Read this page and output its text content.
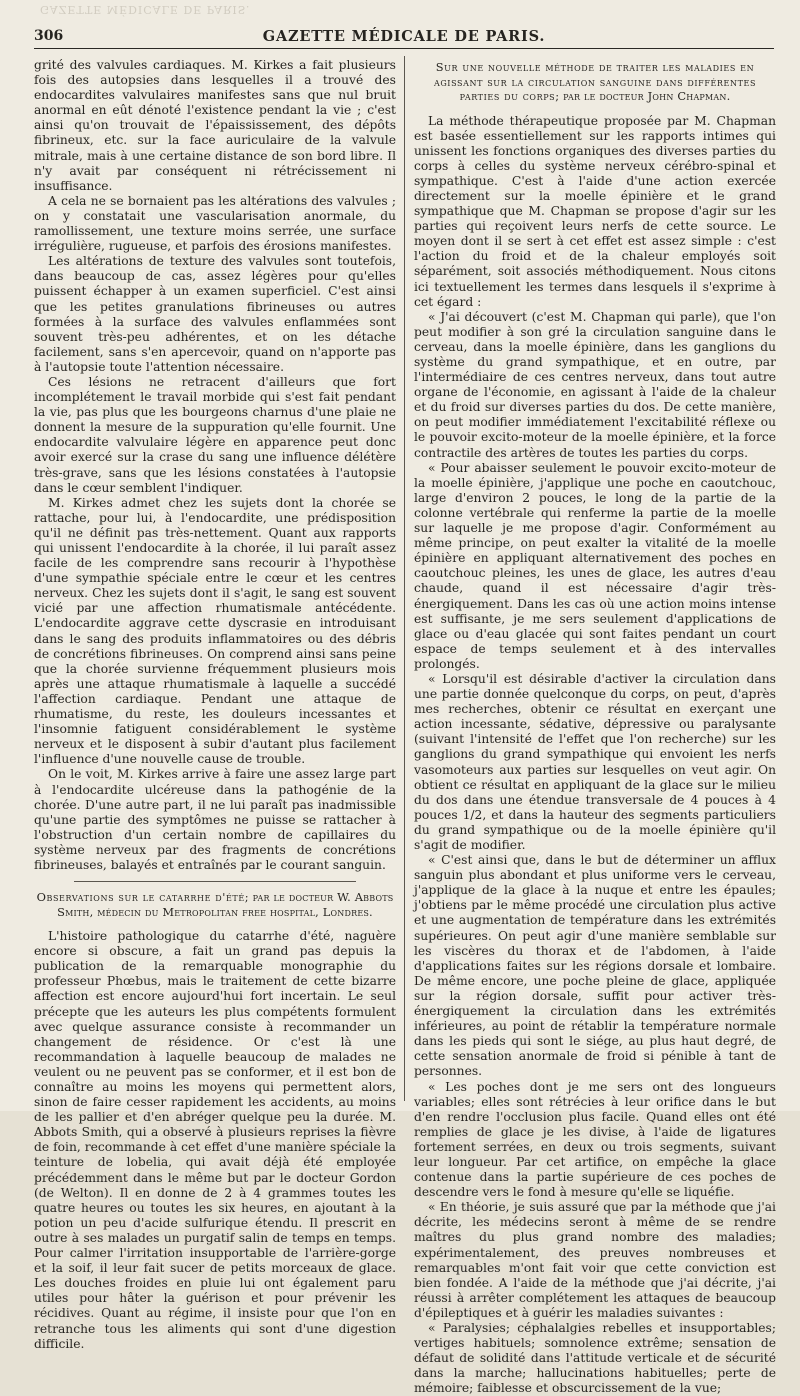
GAZETTE MÉDICALE DE PARIS.
306	GAZETTE MÉDICALE DE PARIS.

grité des valvules cardiaques. M. Kirkes a fait plusieurs fois des autopsies dans lesquelles il a trouvé des endocardites valvulaires manifestes sans que nul bruit anormal en eût dénoté l'existence pendant la vie ; c'est ainsi qu'on trouvait de l'épaississement, des dépôts fibrineux, etc. sur la face auriculaire de la valvule mitrale, mais à une certaine distance de son bord libre. Il n'y avait par conséquent ni rétrécissement ni insuffisance.

A cela ne se bornaient pas les altérations des valvules ; on y constatait une vascularisation anormale, du ramollissement, une texture moins serrée, une surface irrégulière, rugueuse, et parfois des érosions manifestes.

Les altérations de texture des valvules sont toutefois, dans beaucoup de cas, assez légères pour qu'elles puissent échapper à un examen superficiel. C'est ainsi que les petites granulations fibrineuses ou autres formées à la surface des valvules enflammées sont souvent très-peu adhérentes, et on les détache facilement, sans s'en apercevoir, quand on n'apporte pas à l'autopsie toute l'attention nécessaire.

Ces lésions ne retracent d'ailleurs que fort incomplétement le travail morbide qui s'est fait pendant la vie, pas plus que les bourgeons charnus d'une plaie ne donnent la mesure de la suppuration qu'elle fournit. Une endocardite valvulaire légère en apparence peut donc avoir exercé sur la crase du sang une influence délétère très-grave, sans que les lésions constatées à l'autopsie dans le cœur semblent l'indiquer.

M. Kirkes admet chez les sujets dont la chorée se rattache, pour lui, à l'endocardite, une prédisposition qu'il ne définit pas très-nettement. Quant aux rapports qui unissent l'endocardite à la chorée, il lui paraît assez facile de les comprendre sans recourir à l'hypothèse d'une sympathie spéciale entre le cœur et les centres nerveux. Chez les sujets dont il s'agit, le sang est souvent vicié par une affection rhumatismale antécédente. L'endocardite aggrave cette dyscrasie en introduisant dans le sang des produits inflammatoires ou des débris de concrétions fibrineuses. On comprend ainsi sans peine que la chorée survienne fréquemment plusieurs mois après une attaque rhumatismale à laquelle a succédé l'affection cardiaque. Pendant une attaque de rhumatisme, du reste, les douleurs incessantes et l'insomnie fatiguent considérablement le système nerveux et le disposent à subir d'autant plus facilement l'influence d'une nouvelle cause de trouble.

On le voit, M. Kirkes arrive à faire une assez large part à l'endocardite ulcéreuse dans la pathogénie de la chorée. D'une autre part, il ne lui paraît pas inadmissible qu'une partie des symptômes ne puisse se rattacher à l'obstruction d'un certain nombre de capillaires du système nerveux par des fragments de concrétions fibrineuses, balayés et entraînés par le courant sanguin.

Observations sur le catarrhe d'été; par le docteur W. Abbots Smith, médecin du Metropolitan free hospital, Londres.

L'histoire pathologique du catarrhe d'été, naguère encore si obscure, a fait un grand pas depuis la publication de la remarquable monographie du professeur Phœbus, mais le traitement de cette bizarre affection est encore aujourd'hui fort incertain. Le seul précepte que les auteurs les plus compétents formulent avec quelque assurance consiste à recommander un changement de résidence. Or c'est là une recommandation à laquelle beaucoup de malades ne veulent ou ne peuvent pas se conformer, et il est bon de connaître au moins les moyens qui permettent alors, sinon de faire cesser rapidement les accidents, au moins de les pallier et d'en abréger quelque peu la durée. M. Abbots Smith, qui a observé à plusieurs reprises la fièvre de foin, recommande à cet effet d'une manière spéciale la teinture de lobelia, qui avait déjà été employée précédemment dans le même but par le docteur Gordon (de Welton). Il en donne de 2 à 4 grammes toutes les quatre heures ou toutes les six heures, en ajoutant à la potion un peu d'acide sulfurique étendu. Il prescrit en outre à ses malades un purgatif salin de temps en temps. Pour calmer l'irritation insupportable de l'arrière-gorge et la soif, il leur fait sucer de petits morceaux de glace. Les douches froides en pluie lui ont également paru utiles pour hâter la guérison et pour prévenir les récidives. Quant au régime, il insiste pour que l'on en retranche tous les aliments qui sont d'une digestion difficile.

Sur une nouvelle méthode de traiter les maladies en agissant sur la circulation sanguine dans différentes parties du corps; par le docteur John Chapman.

La méthode thérapeutique proposée par M. Chapman est basée essentiellement sur les rapports intimes qui unissent les fonctions organiques des diverses parties du corps à celles du système nerveux cérébro-spinal et sympathique. C'est à l'aide d'une action exercée directement sur la moelle épinière et le grand sympathique que M. Chapman se propose d'agir sur les parties qui reçoivent leurs nerfs de cette source. Le moyen dont il se sert à cet effet est assez simple : c'est l'action du froid et de la chaleur employés soit séparément, soit associés méthodiquement. Nous citons ici textuellement les termes dans lesquels il s'exprime à cet égard :

« J'ai découvert (c'est M. Chapman qui parle), que l'on peut modifier à son gré la circulation sanguine dans le cerveau, dans la moelle épinière, dans les ganglions du système du grand sympathique, et en outre, par l'intermédiaire de ces centres nerveux, dans tout autre organe de l'économie, en agissant à l'aide de la chaleur et du froid sur diverses parties du dos. De cette manière, on peut modifier immédiatement l'excitabilité réflexe ou le pouvoir excito-moteur de la moelle épinière, et la force contractile des artères de toutes les parties du corps.

« Pour abaisser seulement le pouvoir excito-moteur de la moelle épinière, j'applique une poche en caoutchouc, large d'environ 2 pouces, le long de la partie de la colonne vertébrale qui renferme la partie de la moelle sur laquelle je me propose d'agir. Conformément au même principe, on peut exalter la vitalité de la moelle épinière en appliquant alternativement des poches en caoutchouc pleines, les unes de glace, les autres d'eau chaude, quand il est nécessaire d'agir très-énergiquement. Dans les cas où une action moins intense est suffisante, je me sers seulement d'applications de glace ou d'eau glacée qui sont faites pendant un court espace de temps seulement et à des intervalles prolongés.

« Lorsqu'il est désirable d'activer la circulation dans une partie donnée quelconque du corps, on peut, d'après mes recherches, obtenir ce résultat en exerçant une action incessante, sédative, dépressive ou paralysante (suivant l'intensité de l'effet que l'on recherche) sur les ganglions du grand sympathique qui envoient les nerfs vasomoteurs aux parties sur lesquelles on veut agir. On obtient ce résultat en appliquant de la glace sur le milieu du dos dans une étendue transversale de 4 pouces à 4 pouces 1/2, et dans la hauteur des segments particuliers du grand sympathique ou de la moelle épinière qu'il s'agit de modifier.

« C'est ainsi que, dans le but de déterminer un afflux sanguin plus abondant et plus uniforme vers le cerveau, j'applique de la glace à la nuque et entre les épaules; j'obtiens par le même procédé une circulation plus active et une augmentation de température dans les extrémités supérieures. On peut agir d'une manière semblable sur les viscères du thorax et de l'abdomen, à l'aide d'applications faites sur les régions dorsale et lombaire. De même encore, une poche pleine de glace, appliquée sur la région dorsale, suffit pour activer très-énergiquement la circulation dans les extrémités inférieures, au point de rétablir la température normale dans les pieds qui sont le siége, au plus haut degré, de cette sensation anormale de froid si pénible à tant de personnes.

« Les poches dont je me sers ont des longueurs variables; elles sont rétrécies à leur orifice dans le but d'en rendre l'occlusion plus facile. Quand elles ont été remplies de glace je les divise, à l'aide de ligatures fortement serrées, en deux ou trois segments, suivant leur longueur. Par cet artifice, on empêche la glace contenue dans la partie supérieure de ces poches de descendre vers le fond à mesure qu'elle se liquéfie.

« En théorie, je suis assuré que par la méthode que j'ai décrite, les médecins seront à même de se rendre maîtres du plus grand nombre des maladies; expérimentalement, des preuves nombreuses et remarquables m'ont fait voir que cette conviction est bien fondée. A l'aide de la méthode que j'ai décrite, j'ai réussi à arrêter complétement les attaques de beaucoup d'épileptiques et à guérir les maladies suivantes :

« Paralysies; céphalalgies rebelles et insupportables; vertiges habituels; somnolence extrême; sensation de défaut de solidité dans l'attitude verticale et de sécurité dans la marche; hallucinations habituelles; perte de mémoire; faiblesse et obscurcissement de la vue;
